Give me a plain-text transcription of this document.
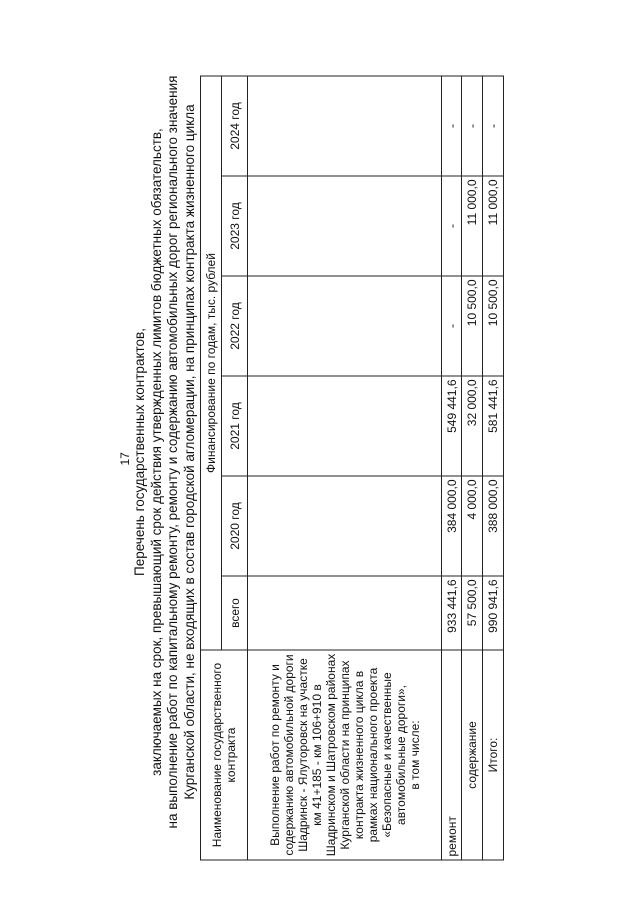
17 Перечень государственных контрактов, заключаемых на срок, превышающий срок действия утвержденных лимитов бюджетных обязательств, на выполнение работ по капитальному ремонту, ремонту и содержанию автомобильных дорог регионального значения Курганской области, не входящих в состав городской агломерации, на принципах контракта жизненного цикла Наименование государственного контракта	Финансирование по годам, тыс. рублей					
	всего	2020 год	2021 год	2022 год	2023 год	2024 год
Выполнение работ по ремонту и содержанию автомобильной дороги Шадринск - Ялуторовск на участке км 41+185 - км 106+910 в Шадринском и Шатровском районах Курганской области на принципах контракта жизненного цикла в рамках национального проекта «Безопасные и качественные автомобильные дороги»,
в том числе:						
ремонт	933 441,6	384 000,0	549 441,6	-	-	-
содержание	57 500,0	4 000,0	32 000,0	10 500,0	11 000,0	-
Итого:	990 941,6	388 000,0	581 441,6	10 500,0	11 000,0	-
